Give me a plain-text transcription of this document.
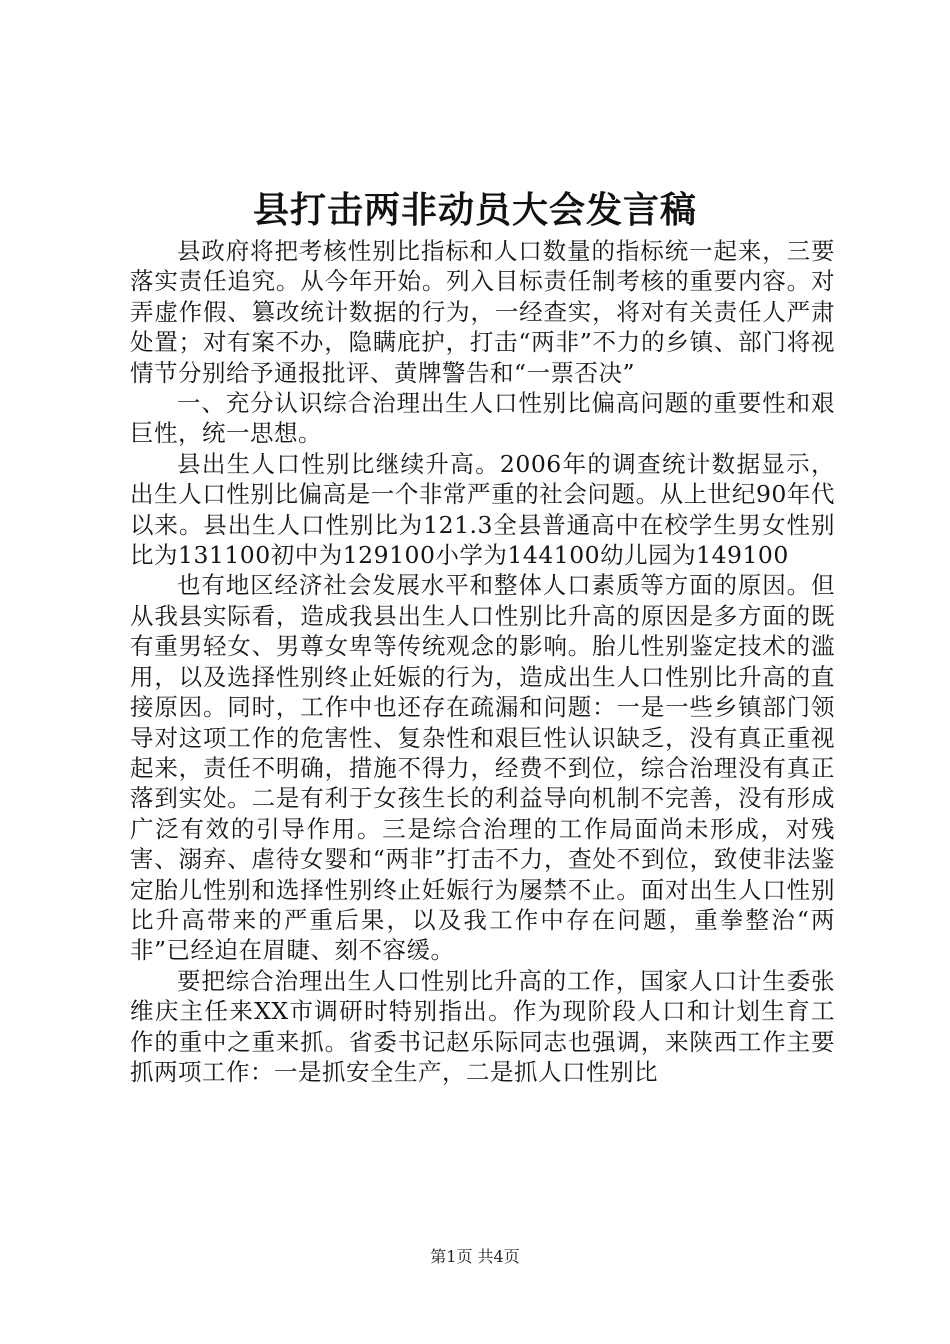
县打击两非动员大会发言稿

县政府将把考核性别比指标和人口数量的指标统一起来，三要落实责任追究。从今年开始。列入目标责任制考核的重要内容。对弄虚作假、篡改统计数据的行为，一经查实，将对有关责任人严肃处置；对有案不办，隐瞒庇护，打击“两非”不力的乡镇、部门将视情节分别给予通报批评、黄牌警告和“一票否决”

一、充分认识综合治理出生人口性别比偏高问题的重要性和艰巨性，统一思想。

县出生人口性别比继续升高。2006年的调查统计数据显示，出生人口性别比偏高是一个非常严重的社会问题。从上世纪90年代以来。县出生人口性别比为121.3全县普通高中在校学生男女性别比为131100初中为129100小学为144100幼儿园为149100

也有地区经济社会发展水平和整体人口素质等方面的原因。但从我县实际看，造成我县出生人口性别比升高的原因是多方面的既有重男轻女、男尊女卑等传统观念的影响。胎儿性别鉴定技术的滥用，以及选择性别终止妊娠的行为，造成出生人口性别比升高的直接原因。同时，工作中也还存在疏漏和问题：一是一些乡镇部门领导对这项工作的危害性、复杂性和艰巨性认识缺乏，没有真正重视起来，责任不明确，措施不得力，经费不到位，综合治理没有真正落到实处。二是有利于女孩生长的利益导向机制不完善，没有形成广泛有效的引导作用。三是综合治理的工作局面尚未形成，对残害、溺弃、虐待女婴和“两非”打击不力，查处不到位，致使非法鉴定胎儿性别和选择性别终止妊娠行为屡禁不止。面对出生人口性别比升高带来的严重后果，以及我工作中存在问题，重拳整治“两非”已经迫在眉睫、刻不容缓。

要把综合治理出生人口性别比升高的工作，国家人口计生委张维庆主任来XX市调研时特别指出。作为现阶段人口和计划生育工作的重中之重来抓。省委书记赵乐际同志也强调，来陕西工作主要抓两项工作：一是抓安全生产，二是抓人口性别比

第1页 共4页
